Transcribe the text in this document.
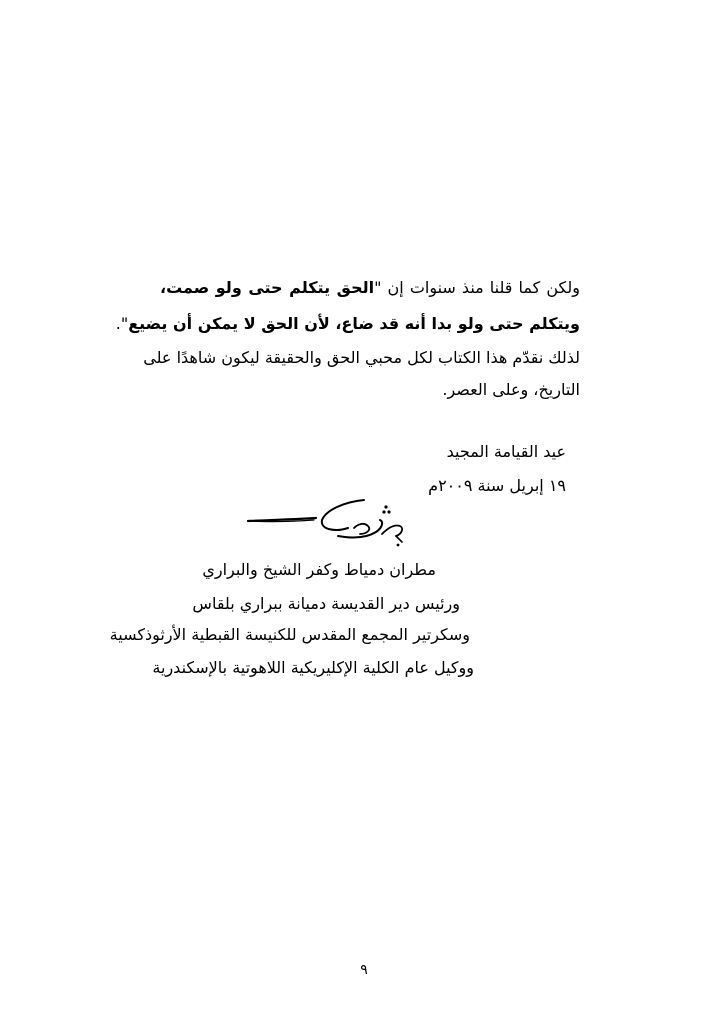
ولكن كما قلنا منذ سنوات إن "الحق يتكلم حتى ولو صمت،
ويتكلم حتى ولو بدا أنه قد ضاع، لأن الحق لا يمكن أن يضيع".
لذلك نقدّم هذا الكتاب لكل محبي الحق والحقيقة ليكون شاهدًا على
التاريخ، وعلى العصر.
عيد القيامة المجيد
١٩ إبريل سنة ٢٠٠٩م
مطران دمياط وكفر الشيخ والبراري
ورئيس دير القديسة دميانة ببراري بلقاس
وسكرتير المجمع المقدس للكنيسة القبطية الأرثوذكسية
ووكيل عام الكلية الإكليريكية اللاهوتية بالإسكندرية
٩
